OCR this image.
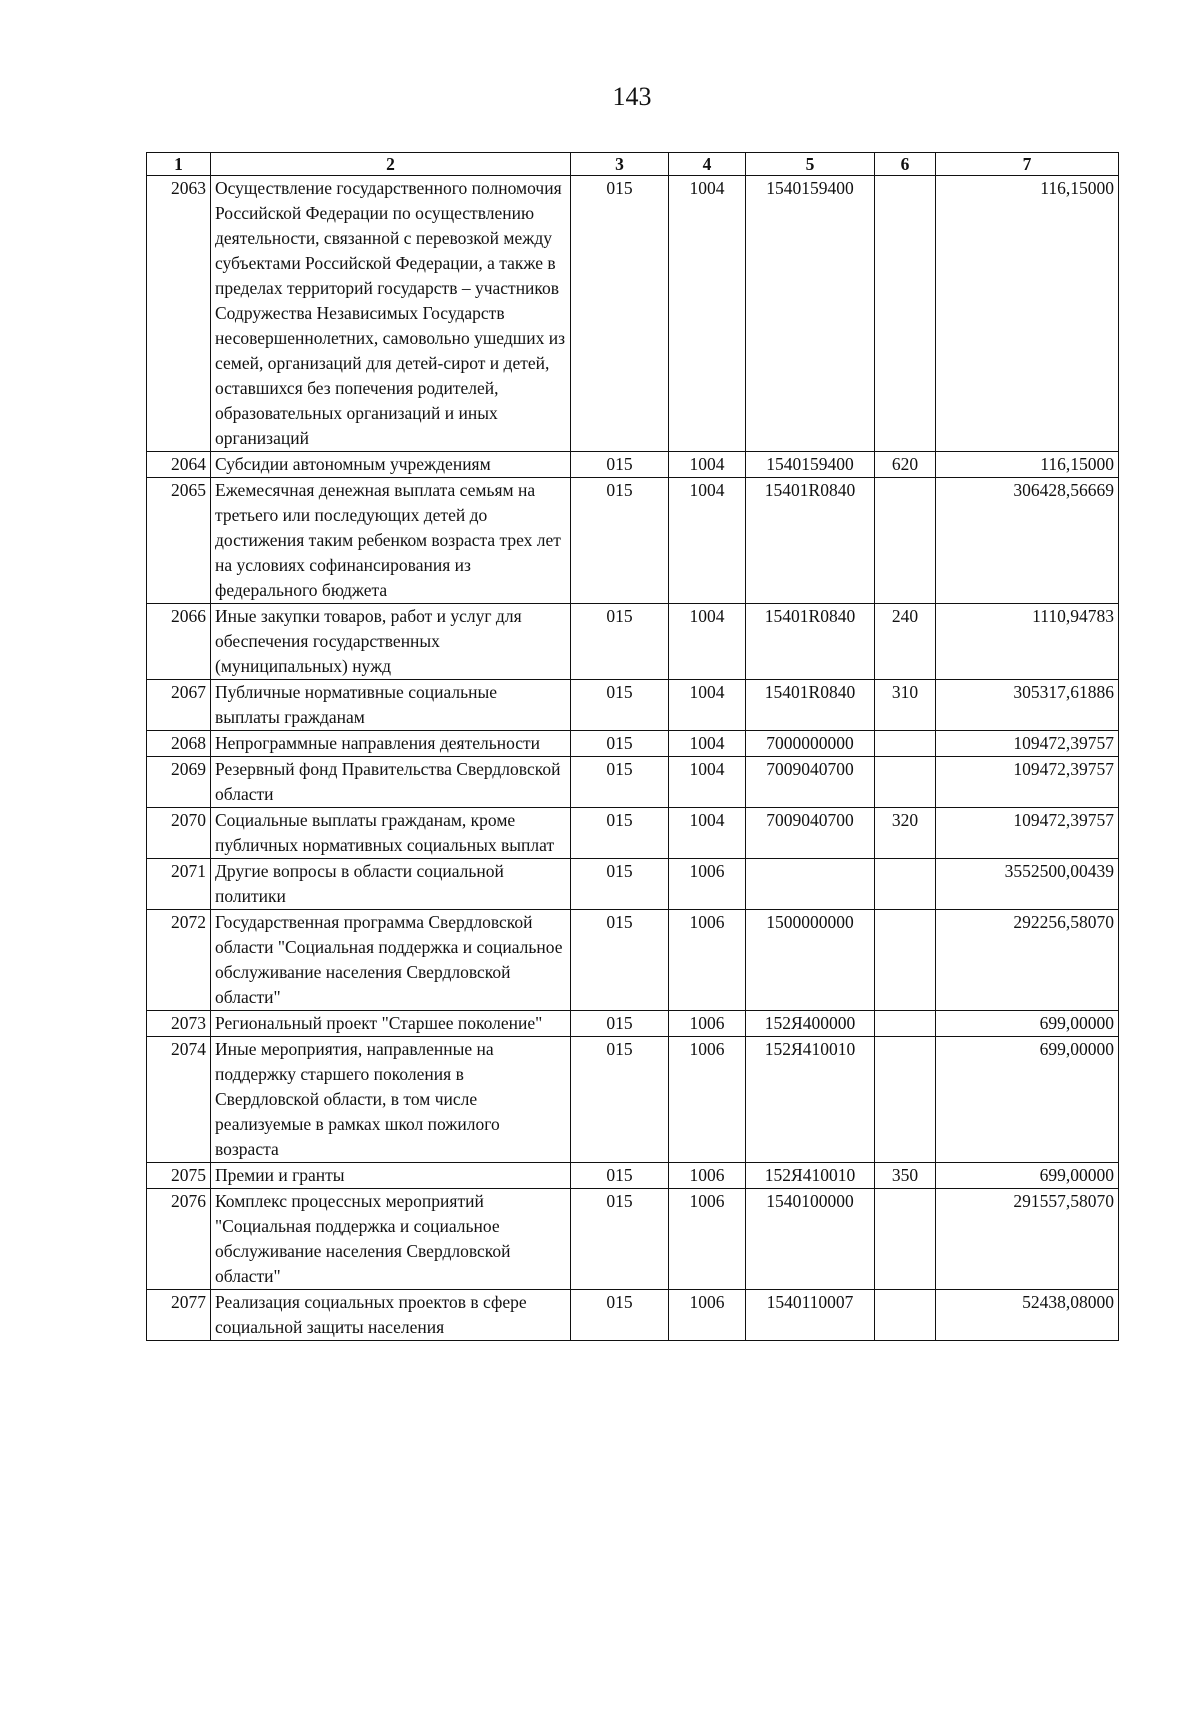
143
1	2	3	4	5	6	7
2063	Осуществление государственного полномочия Российской Федерации по осуществлению деятельности, связанной с перевозкой между субъектами Российской Федерации, а также в пределах территорий государств – участников Содружества Независимых Государств несовершеннолетних, самовольно ушедших из семей, организаций для детей-сирот и детей, оставшихся без попечения родителей, образовательных организаций и иных организаций	015	1004	1540159400		116,15000
2064	Субсидии автономным учреждениям	015	1004	1540159400	620	116,15000
2065	Ежемесячная денежная выплата семьям на третьего или последующих детей до достижения таким ребенком возраста трех лет на условиях софинансирования из федерального бюджета	015	1004	15401R0840		306428,56669
2066	Иные закупки товаров, работ и услуг для обеспечения государственных (муниципальных) нужд	015	1004	15401R0840	240	1110,94783
2067	Публичные нормативные социальные выплаты гражданам	015	1004	15401R0840	310	305317,61886
2068	Непрограммные направления деятельности	015	1004	7000000000		109472,39757
2069	Резервный фонд Правительства Свердловской области	015	1004	7009040700		109472,39757
2070	Социальные выплаты гражданам, кроме публичных нормативных социальных выплат	015	1004	7009040700	320	109472,39757
2071	Другие вопросы в области социальной политики	015	1006			3552500,00439
2072	Государственная программа Свердловской области "Социальная поддержка и социальное обслуживание населения Свердловской области"	015	1006	1500000000		292256,58070
2073	Региональный проект "Старшее поколение"	015	1006	152Я400000		699,00000
2074	Иные мероприятия, направленные на поддержку старшего поколения в Свердловской области, в том числе реализуемые в рамках школ пожилого возраста	015	1006	152Я410010		699,00000
2075	Премии и гранты	015	1006	152Я410010	350	699,00000
2076	Комплекс процессных мероприятий "Социальная поддержка и социальное обслуживание населения Свердловской области"	015	1006	1540100000		291557,58070
2077	Реализация социальных проектов в сфере социальной защиты населения	015	1006	1540110007		52438,08000
